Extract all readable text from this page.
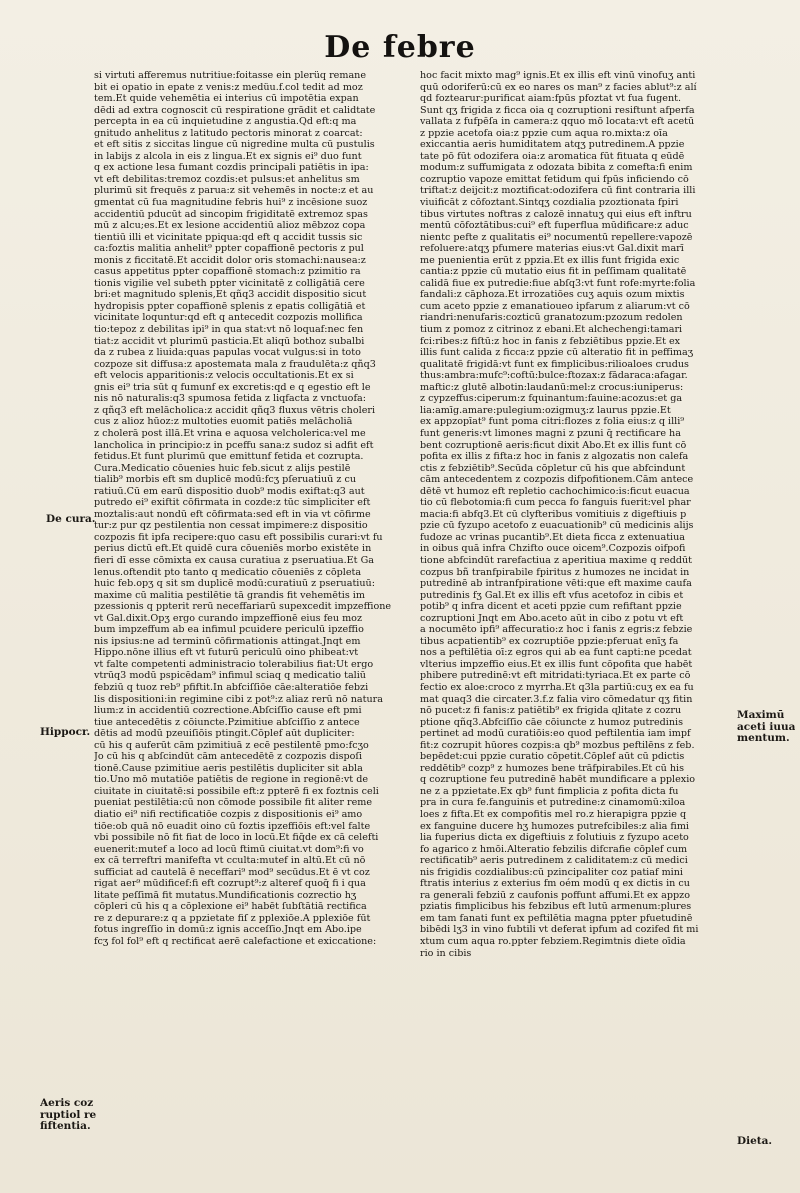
De febre
si virtuti afferemus nutritiue:foitasse ein plerüq remane
bit ei opatio in epate z venis:z medüu.f.col tedit ad moz
tem.Et quide vehemētia ei interius cū impotētia expan
dēdi ad extra cognoscit cū respiratione grādit et calidtate
percepta in ea cū inquietudine z angustia.Qd eft:q ma
gnitudo anhelitus z latitudo pectoris minorat z coarcat:
et eft sitis z siccitas lingue cū nigredine multa cū pustulis
in labijs z alcola in eis z lingua.Et ex signis ei⁹ duo funt
q ex actione lesa fumant cozdis principali patiētis in ipa:
vt eft debilitas:tremoz cozdis:et pulsus:et anhelitus sm
plurimū sit frequēs z parua:z sit vehemēs in nocte:z et au
gmentat cū fua magnitudine febris hui⁹ z incēsione suoz
accidentiū pducūt ad sincopim frigiditatē extremoz spas
mū z alcu;es.Et ex lesione accidentiū alioz mēbzoz copa
tientiū illi et vicinitate ppiqua:qd eft q accidit tussis sic
ca:foztis malitia anhelit⁹ ppter copaffionē pectoris z pul
monis z ficcitatē.Et accidit dolor oris stomachi:nausea:z
casus appetitus ppter copaffionē stomach:z pzimitio ra
tionis vigilie vel subeth ppter vicinitatē z colligātiā cere
bri:et magnitudo splenis,Et qñq3 accidit dispositio sicut
hydropisis ppter copaffionē splenis z epatis colligātiā et
vicinitate loquntur:qd eft q antecedit cozpozis mollifica
tio:tepoz z debilitas ipi⁹ in qua stat:vt nō loquaf:nec fen
tiat:z accidit vt plurimū pasticia.Et aliqū bothoz subalbi
da z rubea z liuida:quas papulas vocat vulgus:si in toto
cozpoze sit diffusa:z apostemata mala z fraudulēta:z qñq3
eft velocis apparitionis:z velocis occultationis.Et ex si
gnis ei⁹ tria sūt q fumunf ex excretis:qd e q egestio eft le
nis nō naturalis:q3 spumosa fetida z liqfacta z vnctuofa:
z qñq3 eft melācholica:z accidit qñq3 fluxus vētris choleri
cus z alioz hūoz:z multoties euomit patiēs melācholiā
z cholerā post illā.Et vrina e aquosa velcholerica:vel me
lancholica in principio:z in pceffu sana:z sudoz si adfit eft
fetidus.Et funt plurimū que emittunf fetida et cozrupta.
Cura.Medicatio cōuenies huic feb.sicut z alijs pestilē
tialib⁹ morbis eft sm duplicē modū:fcʒ pſeruatiuū z cu
ratiuū.Cū em earū dispositio duob⁹ modis exiftat:q3 aut
putredo ei⁹ exiftit cōfirmata in cozde:z tūc simpliciter eft
moztalis:aut nondū eft cōfirmata:sed eft in via vt cōfirme
tur:z pur qz pestilentia non cessat impimere:z dispositio
cozpozis fit ipfa recipere:quo casu eft possibilis curari:vt fu
perius dictū eft.Et quidē cura cōueniēs morbo existēte in
fieri dī esse cōmixta ex causa curatiua z pseruatiua.Et Ga
lenus.oftendit pto tanto q medicatio cōueniēs z cōpleta
huic feb.opʒ q sit sm duplicē modū:curatiuū z pseruatiuū:
maxime cū malitia pestilētie tā grandis fit vehemētis im
pzessionis q ppterit rerū neceffariarū supexcedit impzeffione
vt Gal.dixit.Opʒ ergo curando impzeffionē eius feu moz
bum impzeffum ab ea infimul pcuidere periculū ipzeffio
nis ipsius:ne ad terminū cōfirmationis attingat.Jnqt em
Hippo.nōne illius eft vt futurū periculū oino phibeat:vt
vt falte competenti administracio tolerabilius fiat:Ut ergo
vtrūq3 modū pspicēdam⁹ infimul sciaq q medicatio taliū
febziū q tuoz reb⁹ pfiftit.In abfciſſiōe cāe:alteratiōe febzi
lis dispositioni:in regimine cibi z pot⁹:z aliaz rerū nō natura
lium:z in accidentiū cozrectione.Abſciſſio cause eft pmi
tiue antecedētis z cōiuncte.Pzimitiue abſciſſio z antece
dētis ad modū pzeuiſiōis ptingit.Cōplef aūt dupliciter:
cū his q auferūt cām pzimitiuā z ecē pestilentē pmo:fcʒo
Jo cū his q abſcindūt cām antecedētē z cozpozis dispoſi
tionē.Cause pzimitiue aeris pestilētis dupliciter sit abla
tio.Uno mō mutatiōe patiētis de regione in regionē:vt de
ciuitate in ciuitatē:si possibile eft:z ppterē fi ex foztnis celi
pueniat pestilētia:cū non cōmode possibile fit aliter reme
diatio ei⁹ nifi rectificatiōe cozpis z dispositionis ei⁹ amo
tiōe:ob quā nō euadit oino cū foztis ipzeffiōis eft:vel falte
vbi possibile nō fit fiat de loco in locū.Et fiq̄de ex cā celefti
euenerit:mutef a loco ad locū ftimū ciuitat.vt dom⁹:fi vo
ex cā terreftri manifefta vt cculta:mutef in altū.Et cū nō
sufficiat ad cautelā ē neceffari⁹ mod⁹ secūdus.Et ē vt coz
rigat aer⁹ mūdificef:fi eft cozrupt⁹:z alteref quoq̄ fi i qua
litate peſſimā fit mutatus.Mundificationis cozrectio hʒ
cōpleri cū his q a cōplexione ei⁹ habēt ſubſtātiā rectifica
re z depurare:z q a ppzietate fiſ z pplexiōe.A pplexiōe fūt
fotus ingreſſio in domū:z ignis acceſſio.Jnqt em Abo.ipe
fcʒ fol fol⁹ eft q rectificat aerē calefactione et exiccatione:
hoc facit mixto mag⁹ ignis.Et ex illis eft vinū vinofuʒ anti
quū odoriferū:cū ex eo nares os man⁹ z facies ablut⁹:z alí
qd foztearur:purificat aiam:fpūs pfoztat vt fua fugent.
Sunt qʒ frigida z ficca oia q cozruptioni resiftunt afperfa
vallata z fufpēſa in camera:z qquo mō locata:vt eft acetū
z ppzie acetofa oia:z ppzie cum aqua ro.mixta:z oīa
exiccantia aeris humiditatem atqʒ putredinem.A ppzie
tate pō fūt odozifera oia:z aromatica fūt fituata q eūdē
modum:z suffumigata z odozata bibita z comefta:fi enim
cozruptio vapoze emittat fetidum qui fpūs inficiendo cō
triftat:z deijcit:z moztificat:odozifera cū fint contraria illi
viuificāt z cōfoztant.Sintqʒ cozdialia pzoztionata fpiri
tibus virtutes noftras z calozē innatuʒ qui eius eft inftru
mentū cōfoztātibus:cui⁹ eft fuperflua mūdificare:z aduc
nientc pefte z qualitatis ei⁹ nocumentū repellere:vapozē
refoluere:atqʒ pfumere materias eius:vt Gal.dixit marī
me puenientia erūt z ppzia.Et ex illis funt frigida exic
cantia:z ppzie cū mutatio eius fit in peſſimam qualitatē
calidā fiue ex putredie:fiue abſq3:vt funt rofe:myrte:folia
fandali:z cāphoza.Et irrozatiōes cuʒ aquis ozum mixtis
cum aceto ppzie z emanatioueo ipfarum z aliarum:vt cō
riandri:nenufaris:cozticū granatozum:pzozum redolen
tium z pomoz z citrinoz z ebani.Et alchechengi:tamari
fci:ribes:z fiſtū:z hoc in fanis z febziētibus ppzie.Et ex
illis funt calida z ficca:z ppzie cū alteratio fit in peffimaʒ
qualitatē frigidā:vt funt ex fimplicibus:rilioaloes crudus
thus:ambra:mufc⁹:coftū:bulce:ftozax:z fādaraca:afagar.
maftic:z glutē albotin:laudanū:mel:z crocus:iuniperus:
z cypzeffus:ciperum:z fquinantum:fauine:acozus:et ga
lia:amīg.amare:pulegium:ozigmuʒ:z laurus ppzie.Et
ex appzopīat⁹ funt poma citri:flozes z folia eius:z q illi⁹
funt generis:vt limones magni z pzuni q̄ rectificare ha
bent cozruptionē aeris:ficut dixit Abo.Et ex illis funt cō
pofita ex illis z fifta:z hoc in fanis z algozatis non calefa
ctis z febziētib⁹.Secūda cōpletur cū his que abfcindunt
cām antecedentem z cozpozis difpofitionem.Cām antece
dētē vt humoz eft repletio cachochimico:is:ficut euacua
tio cū flebotomia:fi cum pecca fo fanguis fuerit:vel phar
macia:fi abfq3.Et cū clyfteribus vomitiuis z digeftiuis p
pzie cū fyzupo acetofo z euacuationib⁹ cū medicinis alijs
fudoze ac vrinas pucantib⁹.Et dieta ficca z extenuatiua
in oibus quā infra Chzifto ouce oicem⁹.Cozpozis oifpofi
tione abfcindūt rarefactiua z aperitiua maxime q reddūt
cozpus bñ tranfpirabile fpiritus z humozes ne incidat in
putredinē ab intranfpiratione vēti:que eft maxime caufa
putredinis fʒ Gal.Et ex illis eft vfus acetofoz in cibis et
potib⁹ q infra dicent et aceti ppzie cum refiftant ppzie
cozruptioni Jnqt em Abo.aceto aūt in cibo z potu vt eft
a nocumēto ipfi⁹ affecuratio:z hoc i fanis z egris:z febzie
tibus acpatientib⁹ ex cozruptiōe ppzie:pferuat enīʒ fa
nos a peftilētia oī:z egros qui ab ea funt capti:ne pcedat
vlterius impzeffio eius.Et ex illis funt cōpofita que habēt
phibere putredinē:vt eft mitridati:tyriaca.Et ex parte cō
fectio ex aloe:croco z myrrha.Et q3la partiū:cuʒ ex ea fu
mat quaq3 die circater.3.f.z falia viro cōmedatur qʒ fitin
nō pucet:z fi fanis:z patiētib⁹ ex frigida ɋlitate z cozru
ptione qñq3.Abfciſſio cāe cōiuncte z humoz putredinis
pertinet ad modū curatiōis:eo quod peftilentia iam impf
fit:z cozrupit hūores cozpis:a qb⁹ mozbus peftilēns z feb.
bepēdet:cui ppzie curatio cōpetit.Cōplef aūt cū pdictis
reddētib⁹ cozp⁹ z humozes bene trāfpirabiles.Et cū his
q cozruptione feu putredinē habēt mundificare a pplexio
ne z a ppzietate.Ex qb⁹ funt fimplicia z pofita dicta fu
pra in cura fe.fanguinis et putredine:z cinamomū:xiloa
loes z fifta.Et ex compofitis mel ro.z hierapigra ppzie q
ex fanguine ducere hʒ humozes putrefcibiles:z alia fimi
lia fuperius dicta ex digeftiuis z folutiuis z fyzupo aceto
fo agarico z hmōi.Alteratio febzilis difcrafie cōplef cum
rectificatib⁹ aeris putredinem z caliditatem:z cū medici
nis frigidis cozdialibus:cū pzincipaliter coz patiaf mini
ftratis interius z exterius fm oém modū q ex dictis in cu
ra generali febziū z caufonis poffunt affumi.Et ex appzo
pziatis fimplicibus his febzibus eft lutū armenum:plures
em tam fanati funt ex peftilētia magna ppter pfuetudinē
bibēdi lʒ3 in vino fubtili vt deferat ipfum ad cozifed fit mi
xtum cum aqua ro.ppter febziem.Regimtnis diete oīdia
rio in cibis
De cura.
Hippocr.
Aeris coz
ruptiol re
fiftentia.
Maximū
aceti iuua
mentum.
Dieta.
